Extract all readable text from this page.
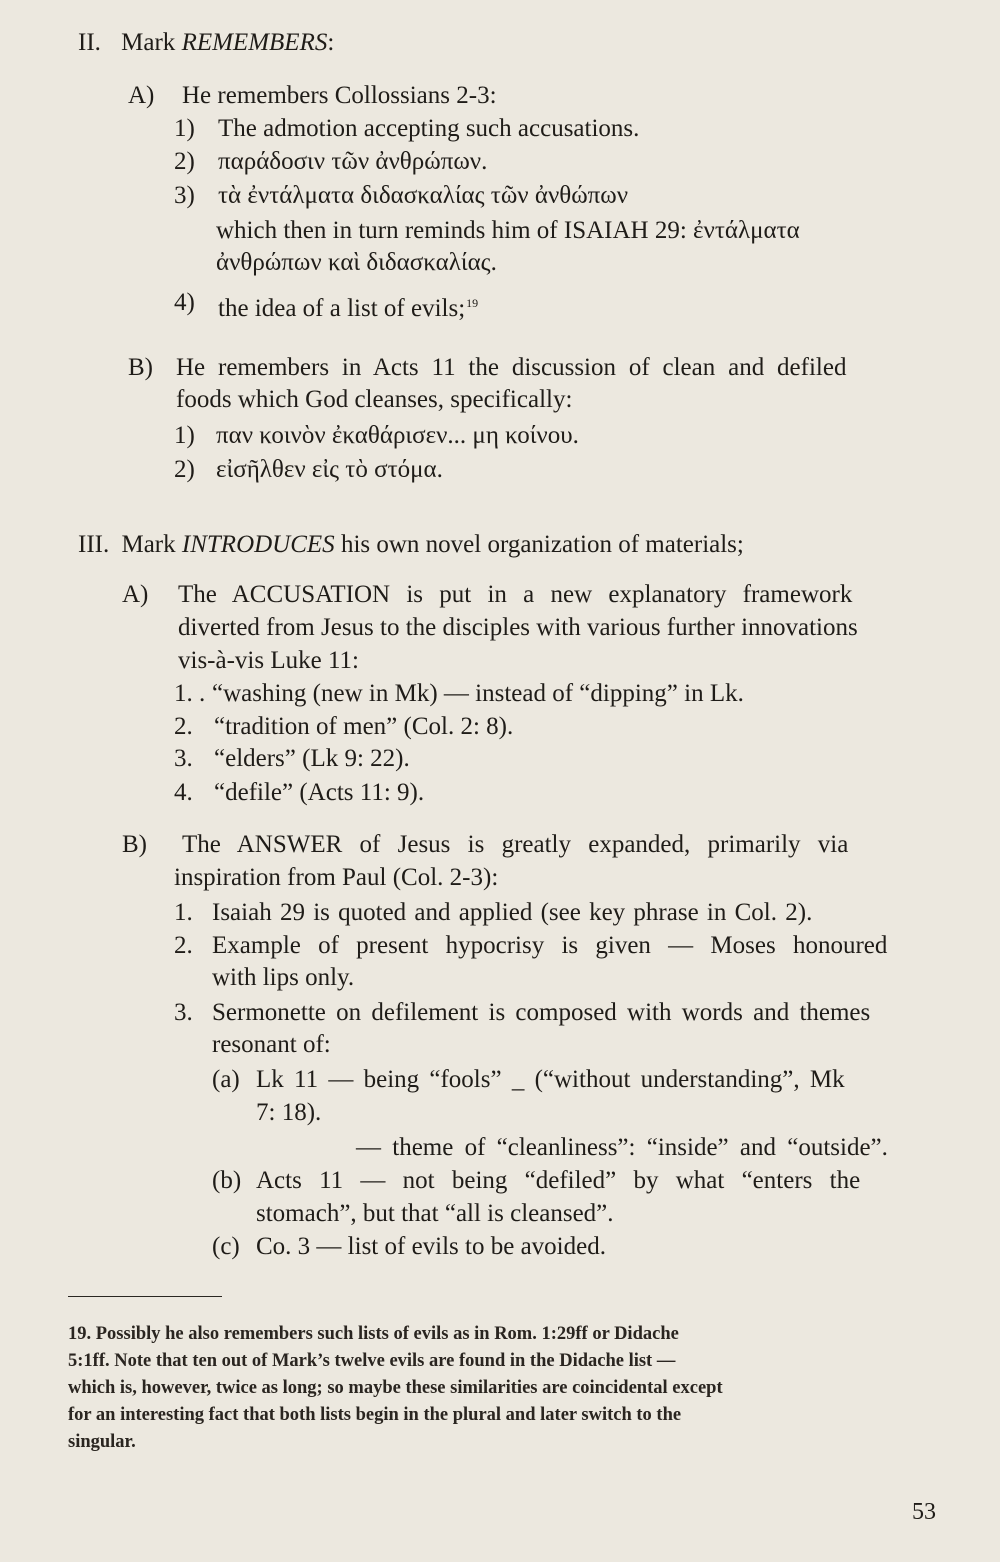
II. Mark REMEMBERS:
A) He remembers Collossians 2-3:
1) The admotion accepting such accusations.
2) παράδοσιν τῶν ἀνθρώπων.
3) τὰ ἐντάλματα διδασκαλίας τῶν ἀνθώπων
which then in turn reminds him of ISAIAH 29: ἐντάλματα
ἀνθρώπων καὶ διδασκαλίας.
4) the idea of a list of evils;$^{19}$
B) He remembers in Acts 11 the discussion of clean and defiled
foods which God cleanses, specifically:
1) παν κοινὸν ἐκαθάρισεν... μη κοίνου.
2) εἰσῆλθεν εἰς τὸ στόμα.
III. Mark INTRODUCES his own novel organization of materials;
A) The ACCUSATION is put in a new explanatory framework
diverted from Jesus to the disciples with various further innovations
vis-à-vis Luke 11:
1. . “washing (new in Mk) — instead of “dipping” in Lk.
2. “tradition of men” (Col. 2: 8).
3. “elders” (Lk 9: 22).
4. “defile” (Acts 11: 9).
B) The ANSWER of Jesus is greatly expanded, primarily via
inspiration from Paul (Col. 2-3):
1. Isaiah 29 is quoted and applied (see key phrase in Col. 2).
2. Example of present hypocrisy is given — Moses honoured
with lips only.
3. Sermonette on defilement is composed with words and themes
resonant of:
(a) Lk 11 — being “fools” _ (“without understanding”, Mk
7: 18).
— theme of “cleanliness”: “inside” and “outside”.
(b) Acts 11 — not being “defiled” by what “enters the
stomach”, but that “all is cleansed”.
(c) Co. 3 — list of evils to be avoided.
19. Possibly he also remembers such lists of evils as in Rom. 1:29ff or Didache
5:1ff. Note that ten out of Mark’s twelve evils are found in the Didache list —
which is, however, twice as long; so maybe these similarities are coincidental except
for an interesting fact that both lists begin in the plural and later switch to the
singular.
53
